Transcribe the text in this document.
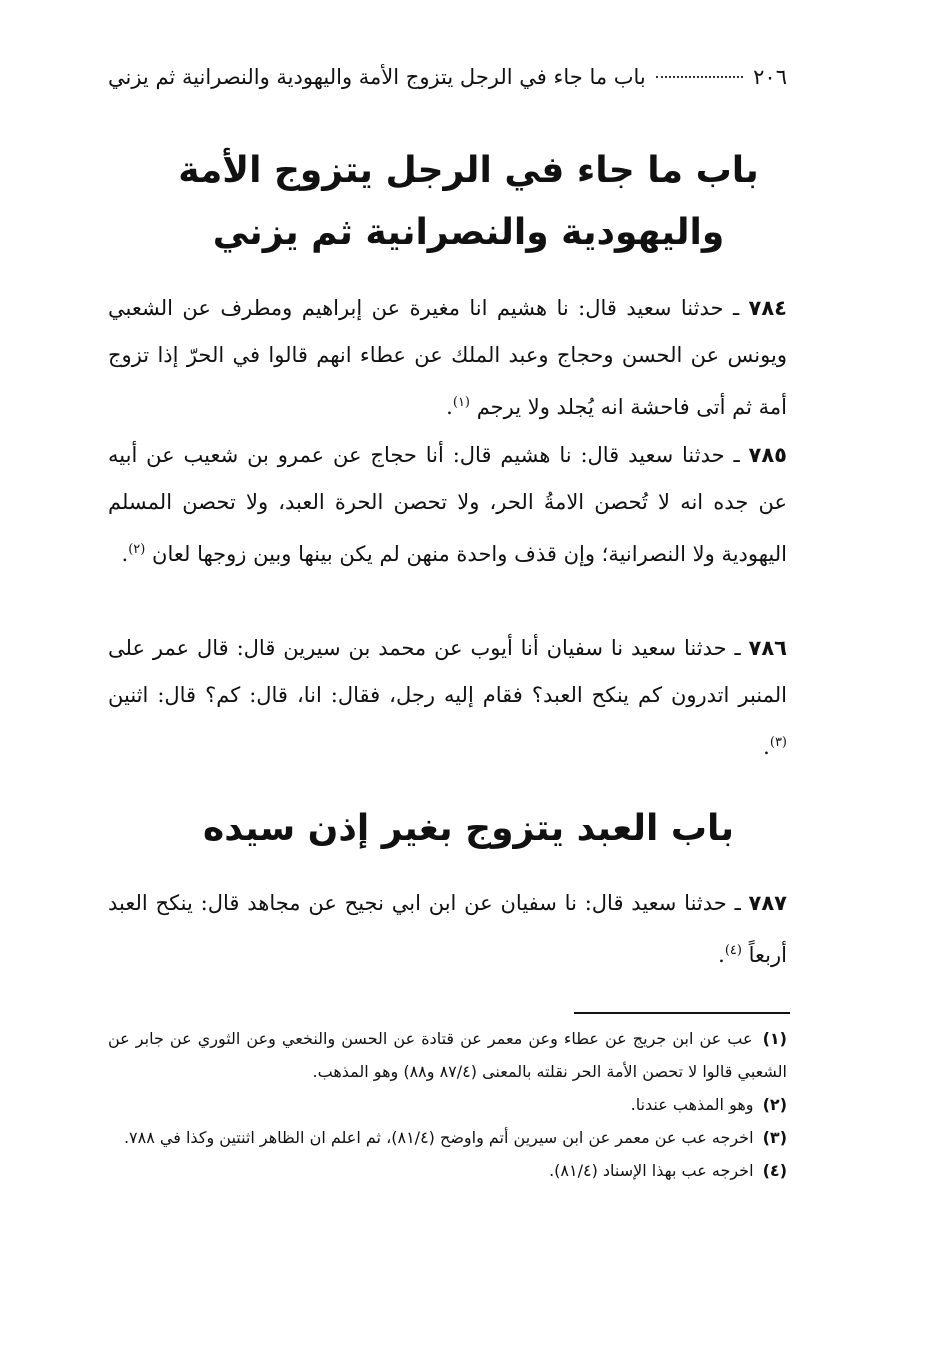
٢٠٦
باب ما جاء في الرجل يتزوج الأمة واليهودية والنصرانية ثم يزني
باب ما جاء في الرجل يتزوج الأمة
واليهودية والنصرانية ثم يزني

٧٨٤ ـ حدثنا سعيد قال: نا هشيم انا مغيرة عن إبراهيم ومطرف عن الشعبي ويونس عن الحسن وحجاج وعبد الملك عن عطاء انهم قالوا في الحرّ إذا تزوج أمة ثم أتى فاحشة انه يُجلد ولا يرجم $^{(١)}$.

٧٨٥ ـ حدثنا سعيد قال: نا هشيم قال: أنا حجاج عن عمرو بن شعيب عن أبيه عن جده انه لا تُحصن الامةُ الحر، ولا تحصن الحرة العبد، ولا تحصن المسلم اليهودية ولا النصرانية؛ وإن قذف واحدة منهن لم يكن بينها وبين زوجها لعان $^{(٢)}$.

٧٨٦ ـ حدثنا سعيد نا سفيان أنا أيوب عن محمد بن سيرين قال: قال عمر على المنبر اتدرون كم ينكح العبد؟ فقام إليه رجل، فقال: انا، قال: كم؟ قال: اثنين $^{(٣)}$.

باب العبد يتزوج بغير إذن سيده

٧٨٧ ـ حدثنا سعيد قال: نا سفيان عن ابن ابي نجيح عن مجاهد قال: ينكح العبد أربعاً $^{(٤)}$.

(١) عب عن ابن جريج عن عطاء وعن معمر عن قتادة عن الحسن والنخعي وعن الثوري عن جابر عن الشعبي قالوا لا تحصن الأمة الحر نقلته بالمعنى (٨٧/٤ و٨٨) وهو المذهب.

(٢) وهو المذهب عندنا.

(٣) اخرجه عب عن معمر عن ابن سيرين أتم واوضح (٨١/٤)، ثم اعلم ان الظاهر اثنتين وكذا في ٧٨٨.

(٤) اخرجه عب بهذا الإسناد (٨١/٤).
